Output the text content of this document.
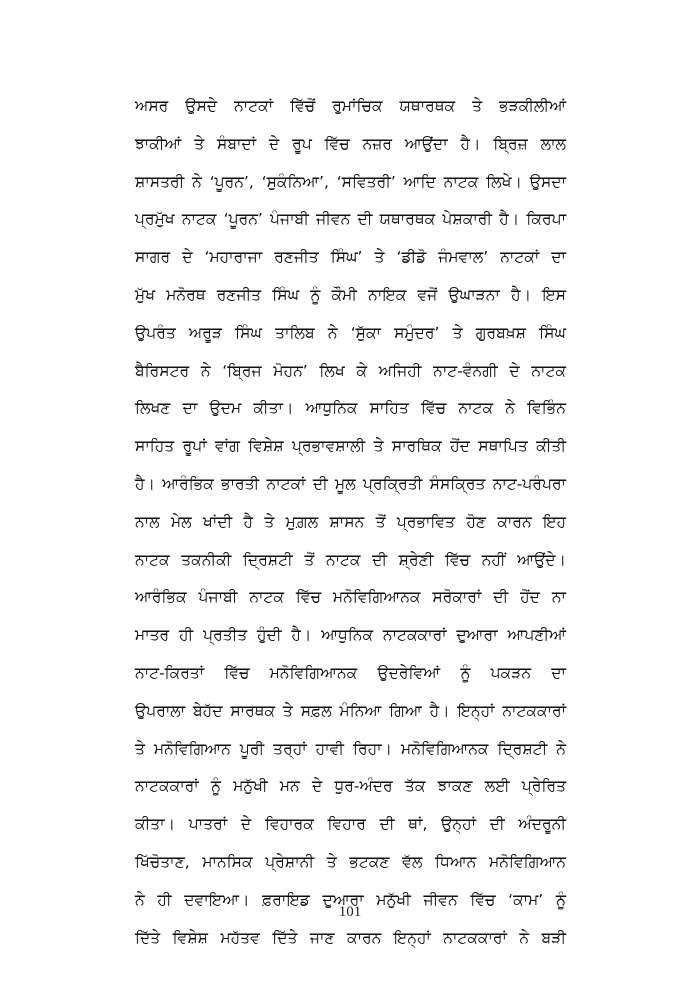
ਅਸਰ ਉਸਦੇ ਨਾਟਕਾਂ ਵਿੱਚੋਂ ਰੁਮਾਂਚਿਕ ਯਥਾਰਥਕ ਤੇ ਭੜਕੀਲੀਆਂ
ਝਾਕੀਆਂ ਤੇ ਸੰਬਾਦਾਂ ਦੇ ਰੂਪ ਵਿੱਚ ਨਜ਼ਰ ਆਉਂਦਾ ਹੈ। ਬ੍ਰਿਜ਼ ਲਾਲ
ਸ਼ਾਸਤਰੀ ਨੇ ‘ਪੂਰਨ’, ‘ਸੁਕੰਨਿਆ’, ‘ਸਵਿਤਰੀ’ ਆਦਿ ਨਾਟਕ ਲਿਖੇ। ਉਸਦਾ
ਪ੍ਰਮੁੱਖ ਨਾਟਕ ‘ਪੂਰਨ’ ਪੰਜਾਬੀ ਜੀਵਨ ਦੀ ਯਥਾਰਥਕ ਪੇਸ਼ਕਾਰੀ ਹੈ। ਕਿਰਪਾ
ਸਾਗਰ ਦੇ ‘ਮਹਾਰਾਜਾ ਰਣਜੀਤ ਸਿੰਘ’ ਤੇ ‘ਡੀਡੋ ਜੰਮਵਾਲ’ ਨਾਟਕਾਂ ਦਾ
ਮੁੱਖ ਮਨੋਰਥ ਰਣਜੀਤ ਸਿੰਘ ਨੂੰ ਕੌਮੀ ਨਾਇਕ ਵਜੋਂ ਉਘਾੜਨਾ ਹੈ। ਇਸ
ਉਪਰੰਤ ਅਰੂੜ ਸਿੰਘ ਤਾਲਿਬ ਨੇ ‘ਸੁੱਕਾ ਸਮੁੰਦਰ’ ਤੇ ਗੁਰਬਖ਼ਸ਼ ਸਿੰਘ
ਬੈਰਿਸਟਰ ਨੇ ‘ਬ੍ਰਿਜ ਮੋਹਨ’ ਲਿਖ ਕੇ ਅਜਿਹੀ ਨਾਟ-ਵੰਨਗੀ ਦੇ ਨਾਟਕ
ਲਿਖਣ ਦਾ ਉਦਮ ਕੀਤਾ। ਆਧੁਨਿਕ ਸਾਹਿਤ ਵਿੱਚ ਨਾਟਕ ਨੇ ਵਿਭਿੰਨ
ਸਾਹਿਤ ਰੂਪਾਂ ਵਾਂਗ ਵਿਸ਼ੇਸ਼ ਪ੍ਰਭਾਵਸ਼ਾਲੀ ਤੇ ਸਾਰਥਿਕ ਹੋਂਦ ਸਥਾਪਿਤ ਕੀਤੀ
ਹੈ। ਆਰੰਭਿਕ ਭਾਰਤੀ ਨਾਟਕਾਂ ਦੀ ਮੂਲ ਪ੍ਰਕ੍ਰਿਤੀ ਸੰਸਕ੍ਰਿਤ ਨਾਟ-ਪਰੰਪਰਾ
ਨਾਲ ਮੇਲ ਖਾਂਦੀ ਹੈ ਤੇ ਮੁਗ਼ਲ ਸ਼ਾਸਨ ਤੋਂ ਪ੍ਰਭਾਵਿਤ ਹੋਣ ਕਾਰਨ ਇਹ
ਨਾਟਕ ਤਕਨੀਕੀ ਦ੍ਰਿਸ਼ਟੀ ਤੋਂ ਨਾਟਕ ਦੀ ਸ਼੍ਰੇਣੀ ਵਿੱਚ ਨਹੀਂ ਆਉਂਦੇ।
ਆਰੰਭਿਕ ਪੰਜਾਬੀ ਨਾਟਕ ਵਿੱਚ ਮਨੋਵਿਗਿਆਨਕ ਸਰੋਕਾਰਾਂ ਦੀ ਹੋਂਦ ਨਾ
ਮਾਤਰ ਹੀ ਪ੍ਰਤੀਤ ਹੁੰਦੀ ਹੈ। ਆਧੁਨਿਕ ਨਾਟਕਕਾਰਾਂ ਦੁਆਰਾ ਆਪਣੀਆਂ
ਨਾਟ-ਕਿਰਤਾਂ ਵਿੱਚ ਮਨੋਵਿਗਿਆਨਕ ਉਦਰੇਵਿਆਂ ਨੂੰ ਪਕੜਨ ਦਾ
ਉਪਰਾਲਾ ਬੇਹੱਦ ਸਾਰਥਕ ਤੇ ਸਫ਼ਲ ਮੰਨਿਆ ਗਿਆ ਹੈ। ਇਨ੍ਹਾਂ ਨਾਟਕਕਾਰਾਂ
ਤੇ ਮਨੋਵਿਗਿਆਨ ਪੂਰੀ ਤਰ੍ਹਾਂ ਹਾਵੀ ਰਿਹਾ। ਮਨੋਵਿਗਿਆਨਕ ਦ੍ਰਿਸ਼ਟੀ ਨੇ
ਨਾਟਕਕਾਰਾਂ ਨੂੰ ਮਨੁੱਖੀ ਮਨ ਦੇ ਧੁਰ-ਅੰਦਰ ਤੱਕ ਝਾਕਣ ਲਈ ਪ੍ਰੇਰਿਤ
ਕੀਤਾ। ਪਾਤਰਾਂ ਦੇ ਵਿਹਾਰਕ ਵਿਹਾਰ ਦੀ ਥਾਂ, ਉਨ੍ਹਾਂ ਦੀ ਅੰਦਰੂਨੀ
ਖਿੱਚੋਤਾਣ, ਮਾਨਸਿਕ ਪ੍ਰੇਸ਼ਾਨੀ ਤੇ ਭਟਕਣ ਵੱਲ ਧਿਆਨ ਮਨੋਵਿਗਿਆਨ
ਨੇ ਹੀ ਦਵਾਇਆ। ਫ਼ਰਾਇਡ ਦੁਆਰਾ ਮਨੁੱਖੀ ਜੀਵਨ ਵਿੱਚ ‘ਕਾਮ’ ਨੂੰ
ਦਿੱਤੇ ਵਿਸ਼ੇਸ਼ ਮਹੱਤਵ ਦਿੱਤੇ ਜਾਣ ਕਾਰਨ ਇਨ੍ਹਾਂ ਨਾਟਕਕਾਰਾਂ ਨੇ ਬੜੀ
101
